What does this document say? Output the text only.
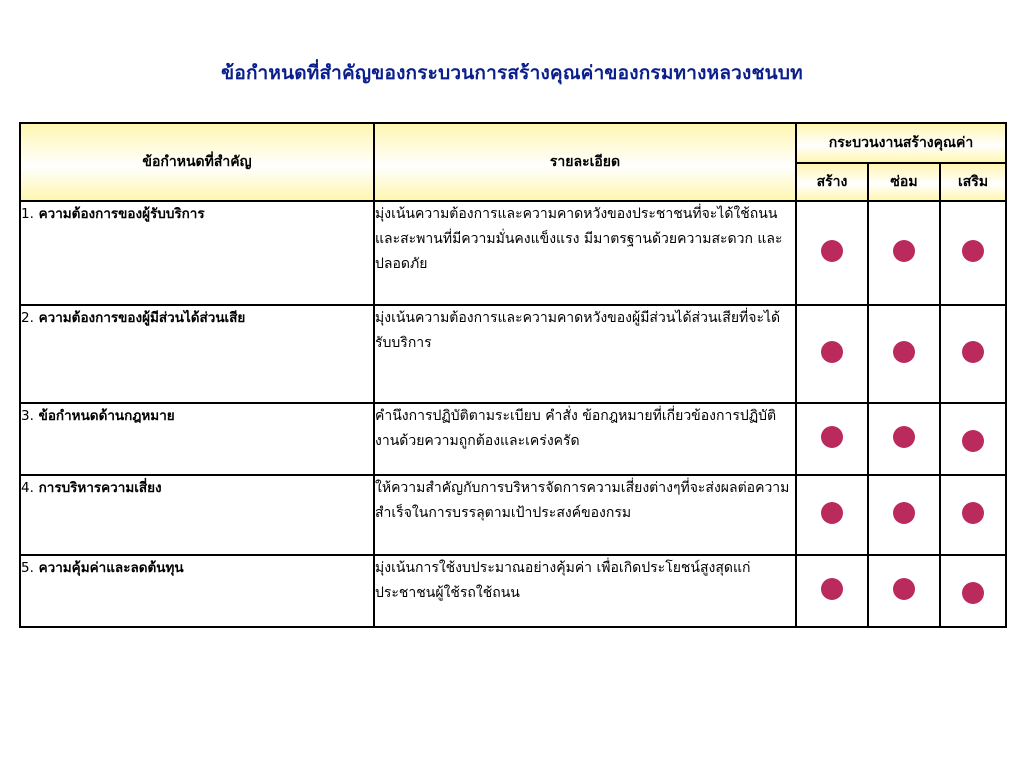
ข้อกำหนดที่สำคัญของกระบวนการสร้างคุณค่าของกรมทางหลวงชนบท
ข้อกำหนดที่สำคัญ	รายละเอียด	กระบวนงานสร้างคุณค่า		
		สร้าง	ซ่อม	เสริม
1. ความต้องการของผู้รับบริการ	มุ่งเน้นความต้องการและความคาดหวังของประชาชนที่จะได้ใช้ถนนและสะพานที่มีความมั่นคงแข็งแรง มีมาตรฐานด้วยความสะดวก และปลอดภัย			
2. ความต้องการของผู้มีส่วนได้ส่วนเสีย	มุ่งเน้นความต้องการและความคาดหวังของผู้มีส่วนได้ส่วนเสียที่จะได้รับบริการ			
3. ข้อกำหนดด้านกฎหมาย	คำนึงการปฏิบัติตามระเบียบ คำสั่ง ข้อกฎหมายที่เกี่ยวข้องการปฏิบัติงานด้วยความถูกต้องและเคร่งครัด			
4. การบริหารความเสี่ยง	ให้ความสำคัญกับการบริหารจัดการความเสี่ยงต่างๆที่จะส่งผลต่อความสำเร็จในการบรรลุตามเป้าประสงค์ของกรม			
5. ความคุ้มค่าและลดต้นทุน	มุ่งเน้นการใช้งบประมาณอย่างคุ้มค่า เพื่อเกิดประโยชน์สูงสุดแก่ประชาชนผู้ใช้รถใช้ถนน			
